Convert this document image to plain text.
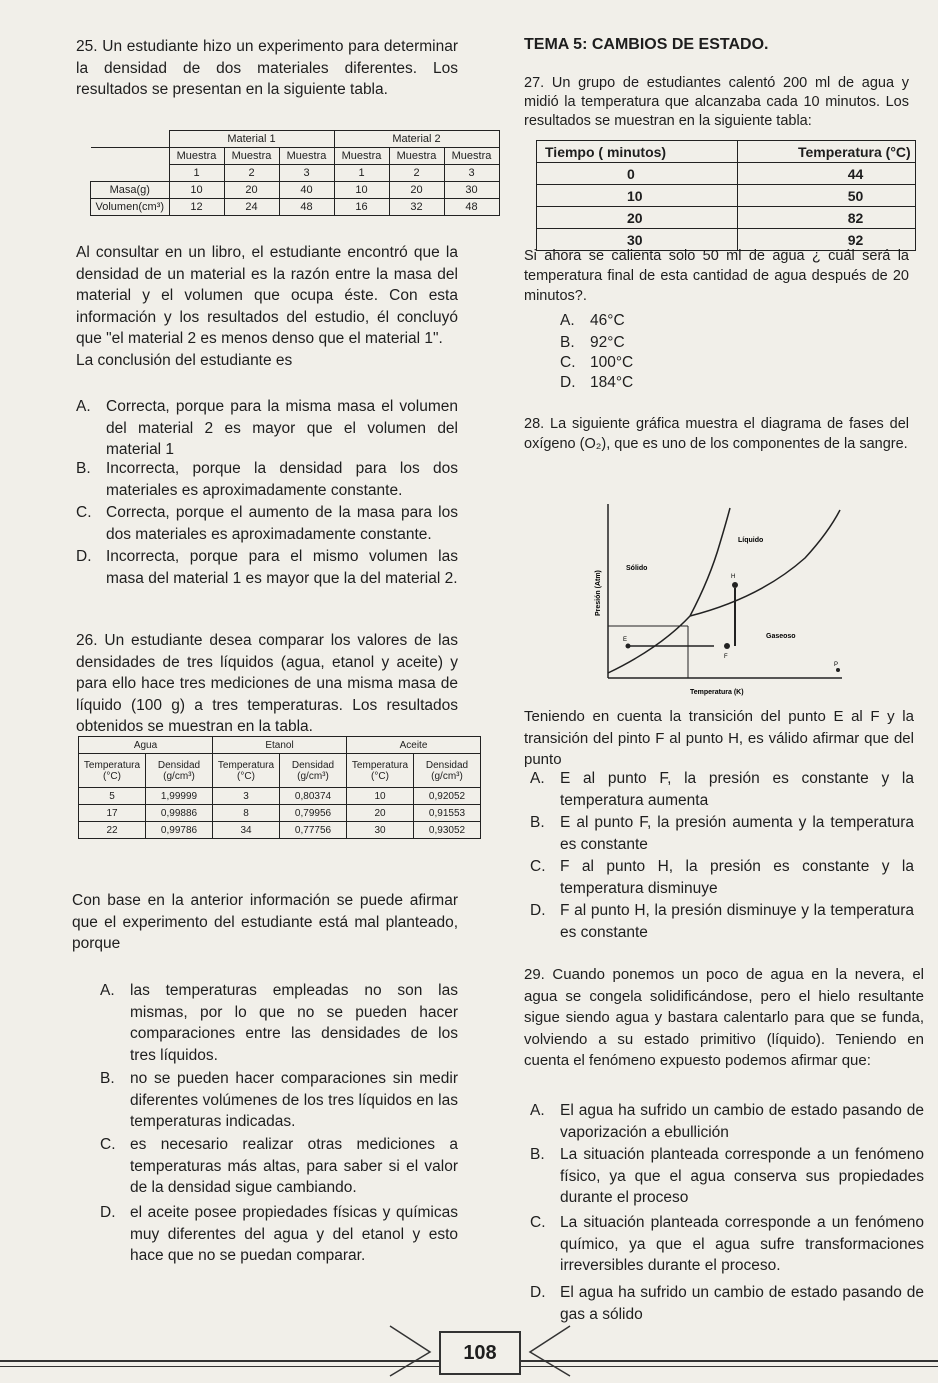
25. Un estudiante hizo un experimento para determinar la densidad de dos materiales diferentes. Los resultados se presentan en la siguiente tabla.
	Material 1			Material 2		
	Muestra	Muestra	Muestra	Muestra	Muestra	Muestra
	1	2	3	1	2	3
Masa(g)	10	20	40	10	20	30
Volumen(cm³)	12	24	48	16	32	48
Al consultar en un libro, el estudiante encontró que la densidad de un material es la razón entre la masa del material y el volumen que ocupa éste. Con esta información y los resultados del estudio, él concluyó que "el material 2 es menos denso que el material 1".
La conclusión del estudiante es
A. Correcta, porque para la misma masa el volumen del material 2 es mayor que el volumen del material 1
B. Incorrecta, porque la densidad para los dos materiales es aproximadamente constante.
C. Correcta, porque el aumento de la masa para los dos materiales es aproximadamente constante.
D. Incorrecta, porque para el mismo volumen las masa del material 1 es mayor que la del material 2.
26. Un estudiante desea comparar los valores de las densidades de tres líquidos (agua, etanol y aceite) y para ello hace tres mediciones de una misma masa de líquido (100 g) a tres temperaturas. Los resultados obtenidos se muestran en la tabla.
Agua		Etanol		Aceite	
Temperatura (°C)	Densidad (g/cm³)	Temperatura (°C)	Densidad (g/cm³)	Temperatura (°C)	Densidad (g/cm³)
5	1,99999	3	0,80374	10	0,92052
17	0,99886	8	0,79956	20	0,91553
22	0,99786	34	0,77756	30	0,93052
Con base en la anterior información se puede afirmar que el experimento del estudiante está mal planteado, porque
A. las temperaturas empleadas no son las mismas, por lo que no se pueden hacer comparaciones entre las densidades de los tres líquidos.
B. no se pueden hacer comparaciones sin medir diferentes volúmenes de los tres líquidos en las temperaturas indicadas.
C. es necesario realizar otras mediciones a temperaturas más altas, para saber si el valor de la densidad sigue cambiando.
D. el aceite posee propiedades físicas y químicas muy diferentes del agua y del etanol y esto hace que no se puedan comparar.
TEMA 5: CAMBIOS DE ESTADO.
27. Un grupo de estudiantes calentó 200 ml de agua y midió la temperatura que alcanzaba cada 10 minutos. Los resultados se muestran en la siguiente tabla:
Tiempo ( minutos)	Temperatura (°C)
0	44
10	50
20	82
30	92
Si ahora se calienta solo 50 ml de agua ¿ cuál será la temperatura final de esta cantidad de agua después de 20 minutos?.
A. 46°C
B. 92°C
C. 100°C
D. 184°C
28. La siguiente gráfica muestra el diagrama de fases del oxígeno (O₂), que es uno de los componentes de la sangre.
Líquido
Sólido
Gaseoso
Temperatura (K)
Presión (Atm)
E
F
H
P
Teniendo en cuenta la transición del punto E al F y la transición del pinto F al punto H, es válido afirmar que del punto
A. E al punto F, la presión es constante y la temperatura aumenta
B. E al punto F, la presión aumenta y la temperatura es constante
C. F al punto H, la presión es constante y la temperatura disminuye
D. F al punto H, la presión disminuye y la temperatura es constante
29. Cuando ponemos un poco de agua en la nevera, el agua se congela solidificándose, pero el hielo resultante sigue siendo agua y bastara calentarlo para que se funda, volviendo a su estado primitivo (líquido). Teniendo en cuenta el fenómeno expuesto podemos afirmar que:
A. El agua ha sufrido un cambio de estado pasando de vaporización a ebullición
B. La situación planteada corresponde a un fenómeno físico, ya que el agua conserva sus propiedades durante el proceso
C. La situación planteada corresponde a un fenómeno químico, ya que el agua sufre transformaciones irreversibles durante el proceso.
D. El agua ha sufrido un cambio de estado pasando de gas a sólido
108
